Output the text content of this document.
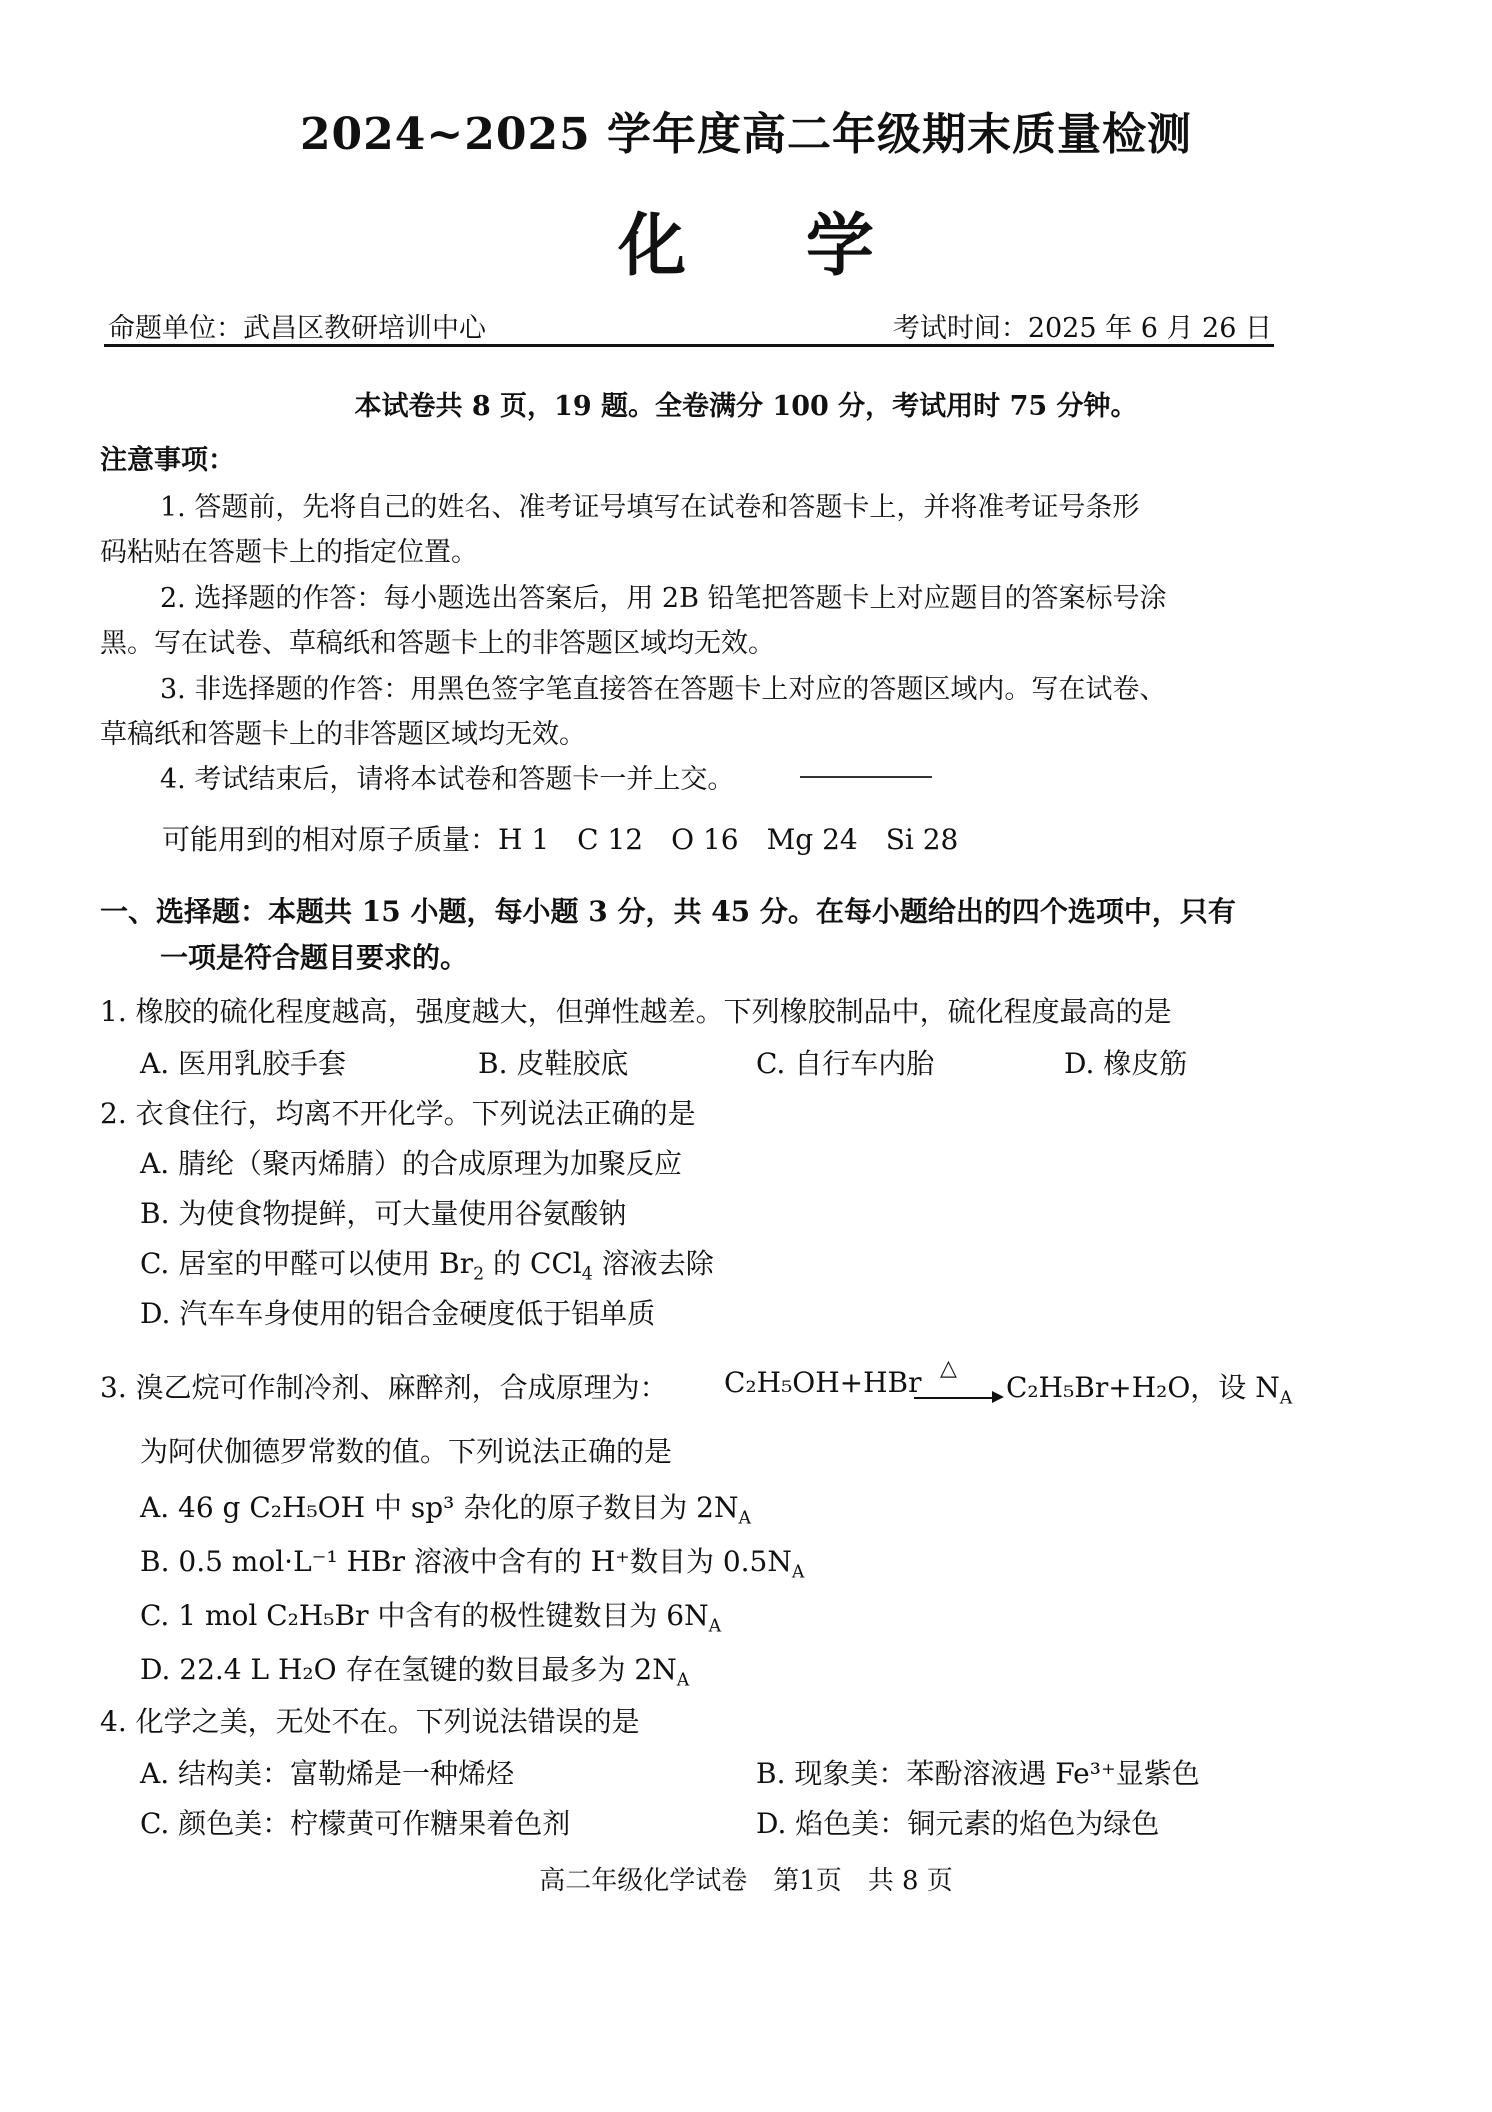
2024~2025 学年度高二年级期末质量检测
化 学
命题单位：武昌区教研培训中心	考试时间：2025 年 6 月 26 日
本试卷共 8 页，19 题。全卷满分 100 分，考试用时 75 分钟。
注意事项：
1. 答题前，先将自己的姓名、准考证号填写在试卷和答题卡上，并将准考证号条形
码粘贴在答题卡上的指定位置。
2. 选择题的作答：每小题选出答案后，用 2B 铅笔把答题卡上对应题目的答案标号涂
黑。写在试卷、草稿纸和答题卡上的非答题区域均无效。
3. 非选择题的作答：用黑色签字笔直接答在答题卡上对应的答题区域内。写在试卷、
草稿纸和答题卡上的非答题区域均无效。
4. 考试结束后，请将本试卷和答题卡一并上交。
可能用到的相对原子质量：H 1　C 12　O 16　Mg 24　Si 28
一、选择题：本题共 15 小题，每小题 3 分，共 45 分。在每小题给出的四个选项中，只有
一项是符合题目要求的。
1. 橡胶的硫化程度越高，强度越大，但弹性越差。下列橡胶制品中，硫化程度最高的是
A. 医用乳胶手套	B. 皮鞋胶底	C. 自行车内胎	D. 橡皮筋
2. 衣食住行，均离不开化学。下列说法正确的是
A. 腈纶（聚丙烯腈）的合成原理为加聚反应
B. 为使食物提鲜，可大量使用谷氨酸钠
C. 居室的甲醛可以使用 $Br_2$ 的 CCl$_4$ 溶液去除
D. 汽车车身使用的铝合金硬度低于铝单质
3. 溴乙烷可作制冷剂、麻醉剂，合成原理为： C₂H₅OH+HBr △
C₂H₅Br+H₂O，设 $N_A$
为阿伏伽德罗常数的值。下列说法正确的是
A. 46 g C₂H₅OH 中 sp³ 杂化的原子数目为 $2N_A$
B. 0.5 mol·L⁻¹ HBr 溶液中含有的 H⁺数目为 $0.5N_A$
C. 1 mol C₂H₅Br 中含有的极性键数目为 $6N_A$
D. 22.4 L H₂O 存在氢键的数目最多为 $2N_A$
4. 化学之美，无处不在。下列说法错误的是
A. 结构美：富勒烯是一种烯烃	B. 现象美：苯酚溶液遇 Fe³⁺显紫色
C. 颜色美：柠檬黄可作糖果着色剂	D. 焰色美：铜元素的焰色为绿色
高二年级化学试卷　第1页　共 8 页
